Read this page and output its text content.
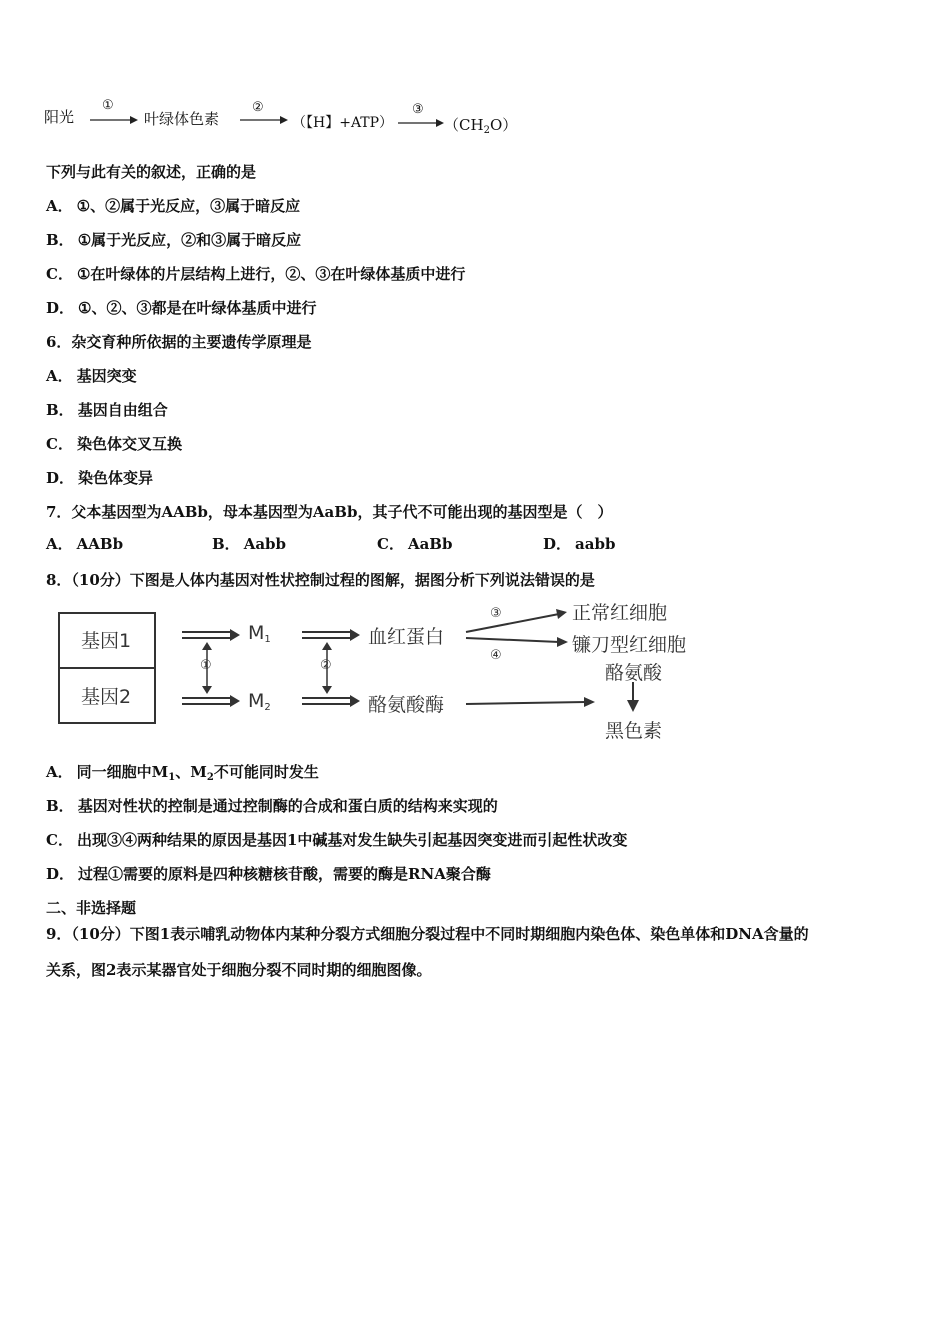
阳光
①
叶绿体色素
②
（【H】+ATP）
③
$(CH_2O)$
下列与此有关的叙述，正确的是
A． ①、②属于光反应，③属于暗反应
B． ①属于光反应，②和③属于暗反应
C． ①在叶绿体的片层结构上进行，②、③在叶绿体基质中进行
D． ①、②、③都是在叶绿体基质中进行
6．杂交育种所依据的主要遗传学原理是
A． 基因突变
B． 基因自由组合
C． 染色体交叉互换
D． 染色体变异
7．父本基因型为AABb，母本基因型为AaBb，其子代不可能出现的基因型是（　）
A． AABb	B． Aabb	C． AaBb	D． aabb
8．（10分）下图是人体内基因对性状控制过程的图解，据图分析下列说法错误的是
基因1
基因2
$M_1$
$M_2$
血红蛋白
酪氨酸酶
正常红细胞
镰刀型红细胞
酪氨酸
黑色素
①	②
③
④
A． 同一细胞中$M_1$、$M_2$不可能同时发生
B． 基因对性状的控制是通过控制酶的合成和蛋白质的结构来实现的
C． 出现③④两种结果的原因是基因1中碱基对发生缺失引起基因突变进而引起性状改变
D． 过程①需要的原料是四种核糖核苷酸，需要的酶是RNA聚合酶
二、非选择题
9．（10分）下图1表示哺乳动物体内某种分裂方式细胞分裂过程中不同时期细胞内染色体、染色单体和DNA含量的
关系，图2表示某器官处于细胞分裂不同时期的细胞图像。
